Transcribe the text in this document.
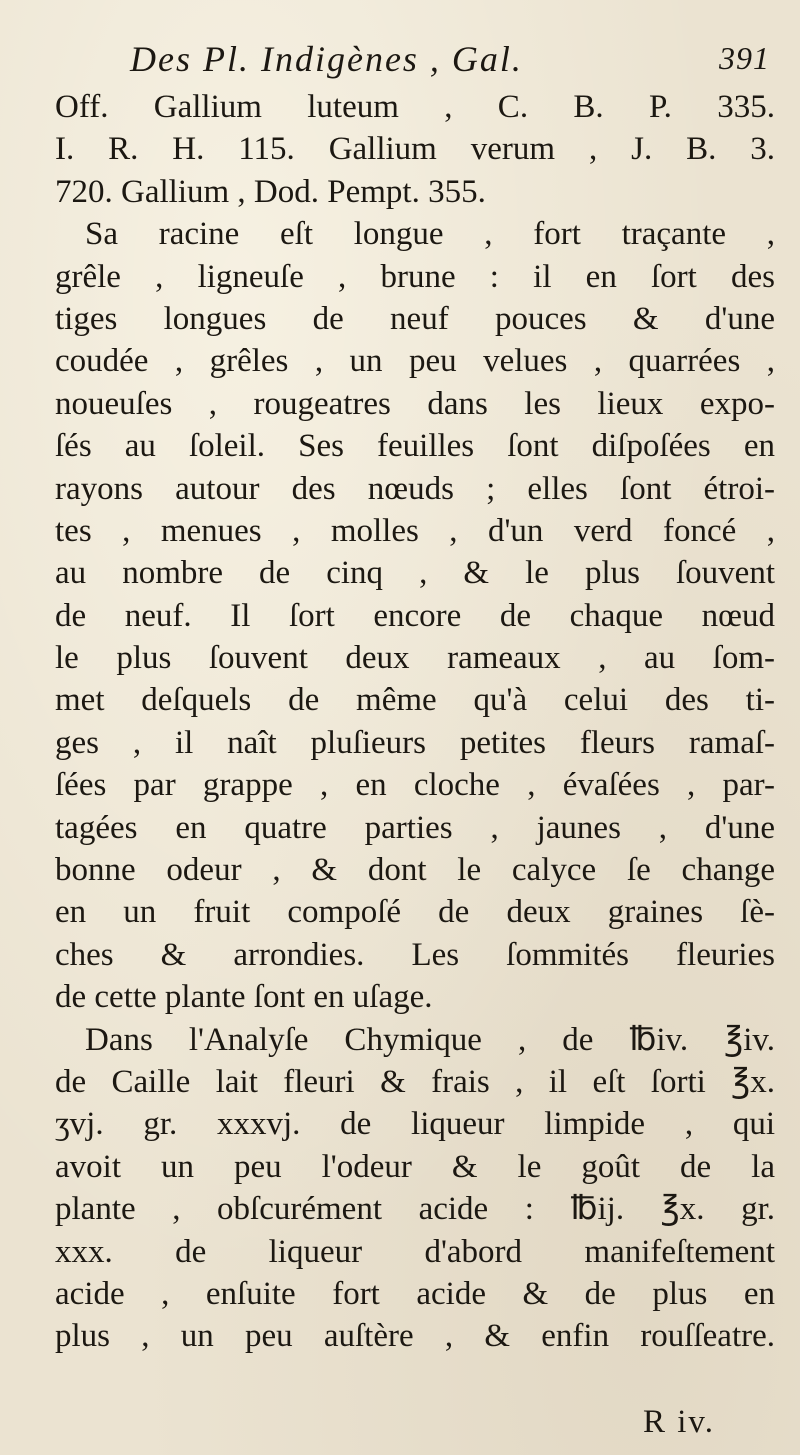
Des Pl. Indigènes , Gal.	391
Off. Gallium luteum , C. B. P. 335.
I. R. H. 115. Gallium verum , J. B. 3.
720. Gallium , Dod. Pempt. 355.
Sa racine eſt longue , fort traçante ,
grêle , ligneuſe , brune : il en ſort des
tiges longues de neuf pouces & d'une
coudée , grêles , un peu velues , quarrées ,
noueuſes , rougeatres dans les lieux expo-
ſés au ſoleil. Ses feuilles ſont diſpoſées en
rayons autour des nœuds ; elles ſont étroi-
tes , menues , molles , d'un verd foncé ,
au nombre de cinq , & le plus ſouvent
de neuf. Il ſort encore de chaque nœud
le plus ſouvent deux rameaux , au ſom-
met deſquels de même qu'à celui des ti-
ges , il naît pluſieurs petites fleurs ramaſ-
ſées par grappe , en cloche , évaſées , par-
tagées en quatre parties , jaunes , d'une
bonne odeur , & dont le calyce ſe change
en un fruit compoſé de deux graines ſè-
ches & arrondies. Les ſommités fleuries
de cette plante ſont en uſage.
Dans l'Analyſe Chymique , de ℔iv. ℥iv.
de Caille lait fleuri & frais , il eſt ſorti ℥x.
ʒvj. gr. xxxvj. de liqueur limpide , qui
avoit un peu l'odeur & le goût de la
plante , obſcurément acide : ℔ij. ℥x. gr.
xxx. de liqueur d'abord manifeſtement
acide , enſuite fort acide & de plus en
plus , un peu auſtère , & enfin rouſſeatre.
R iv.
